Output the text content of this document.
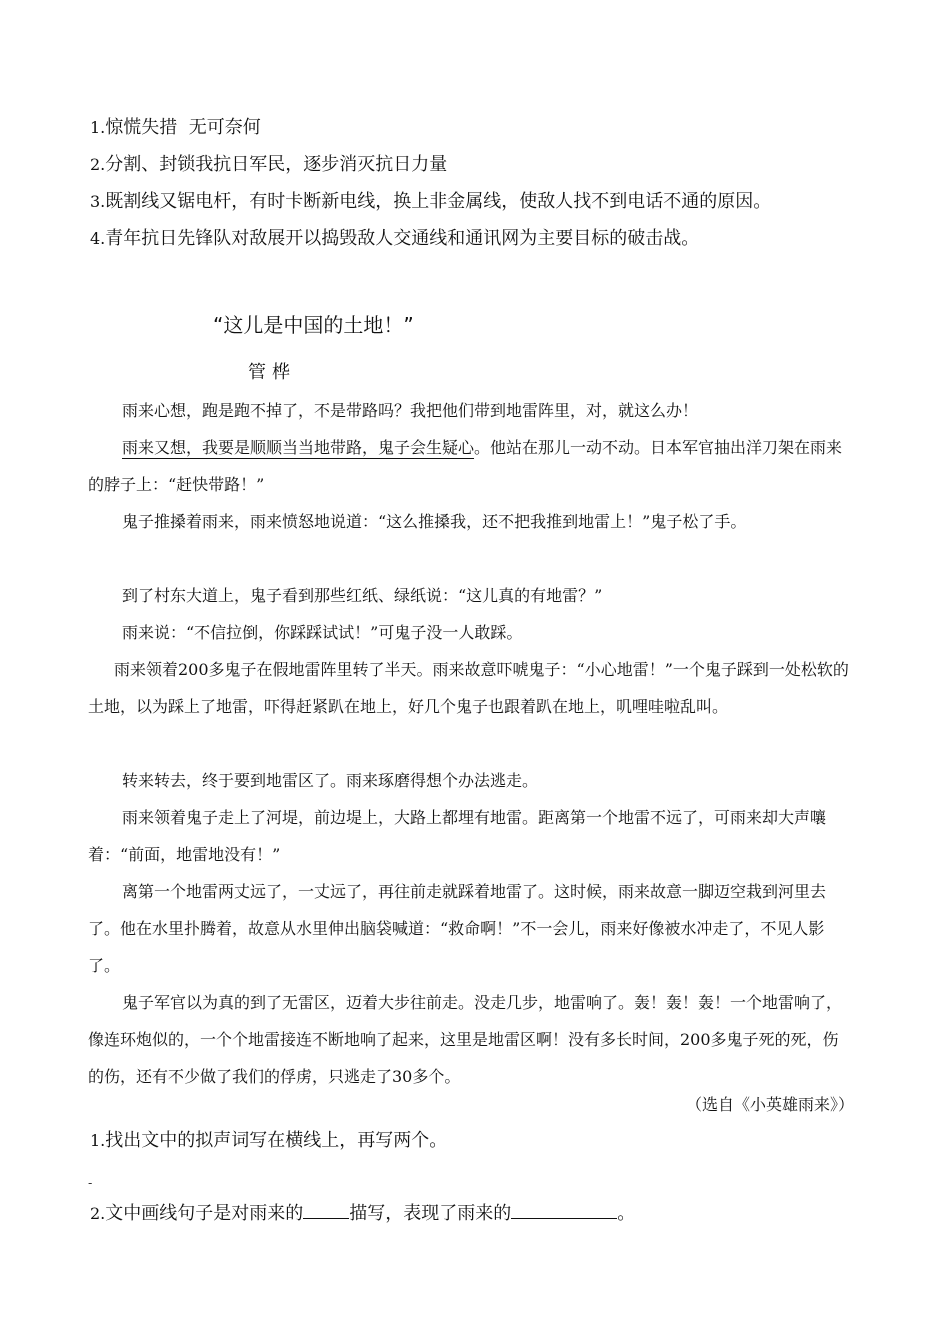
1.惊慌失措  无可奈何
2.分割、封锁我抗日军民，逐步消灭抗日力量
3.既割线又锯电杆，有时卡断新电线，换上非金属线，使敌人找不到电话不通的原因。
4.青年抗日先锋队对敌展开以捣毁敌人交通线和通讯网为主要目标的破击战。
“这儿是中国的土地！”
管桦
雨来心想，跑是跑不掉了，不是带路吗？我把他们带到地雷阵里，对，就这么办！
雨来又想，我要是顺顺当当地带路，鬼子会生疑心。他站在那儿一动不动。日本军官抽出洋刀架在雨来的脖子上：“赶快带路！”
鬼子推搡着雨来，雨来愤怒地说道：“这么推搡我，还不把我推到地雷上！”鬼子松了手。
到了村东大道上，鬼子看到那些红纸、绿纸说：“这儿真的有地雷？”
雨来说：“不信拉倒，你踩踩试试！”可鬼子没一人敢踩。
雨来领着200多鬼子在假地雷阵里转了半天。雨来故意吓唬鬼子：“小心地雷！”一个鬼子踩到一处松软的土地，以为踩上了地雷，吓得赶紧趴在地上，好几个鬼子也跟着趴在地上，叽哩哇啦乱叫。
转来转去，终于要到地雷区了。雨来琢磨得想个办法逃走。
雨来领着鬼子走上了河堤，前边堤上，大路上都埋有地雷。距离第一个地雷不远了，可雨来却大声嚷着：“前面，地雷地没有！”
离第一个地雷两丈远了，一丈远了，再往前走就踩着地雷了。这时候，雨来故意一脚迈空栽到河里去了。他在水里扑腾着，故意从水里伸出脑袋喊道：“救命啊！”不一会儿，雨来好像被水冲走了，不见人影了。
鬼子军官以为真的到了无雷区，迈着大步往前走。没走几步，地雷响了。轰！轰！轰！一个地雷响了，像连环炮似的，一个个地雷接连不断地响了起来，这里是地雷区啊！没有多长时间，200多鬼子死的死，伤的伤，还有不少做了我们的俘虏，只逃走了30多个。
（选自《小英雄雨来》）
1.找出文中的拟声词写在横线上，再写两个。
-
2.文中画线句子是对雨来的	描写，表现了雨来的	。
